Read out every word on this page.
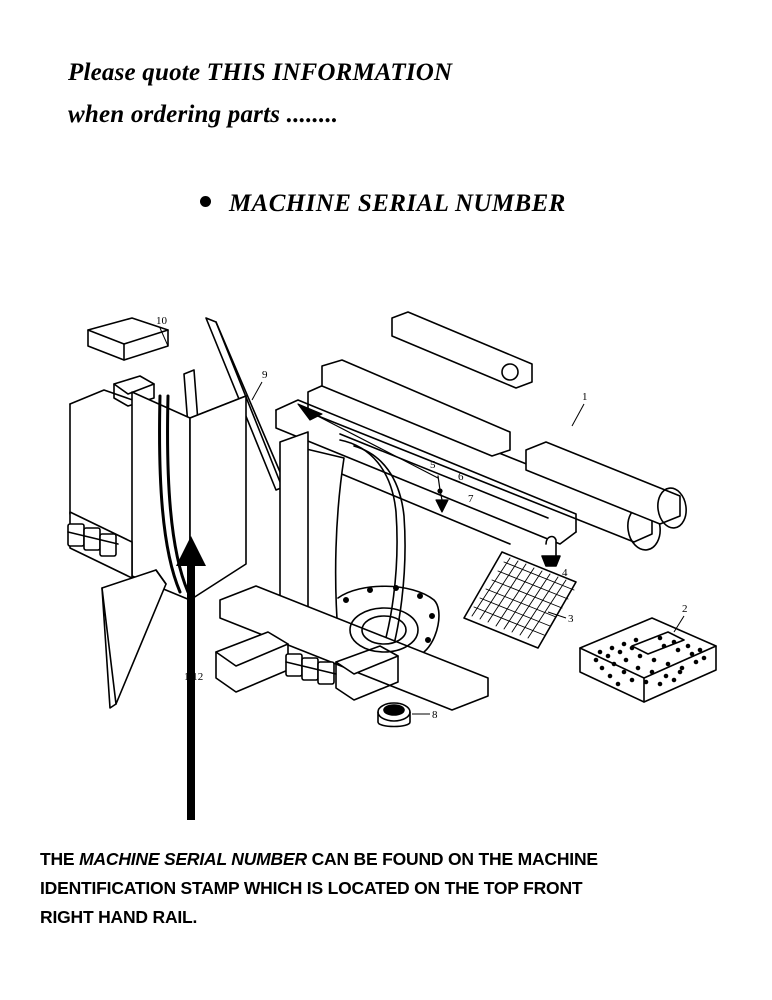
Please quote THIS INFORMATION
when ordering parts ........
MACHINE SERIAL NUMBER
10
9
1
5
6
7
4
3
2
8
1,12
THE MACHINE SERIAL NUMBER CAN BE FOUND ON THE MACHINE
IDENTIFICATION STAMP WHICH IS LOCATED ON THE TOP FRONT
RIGHT HAND RAIL.
